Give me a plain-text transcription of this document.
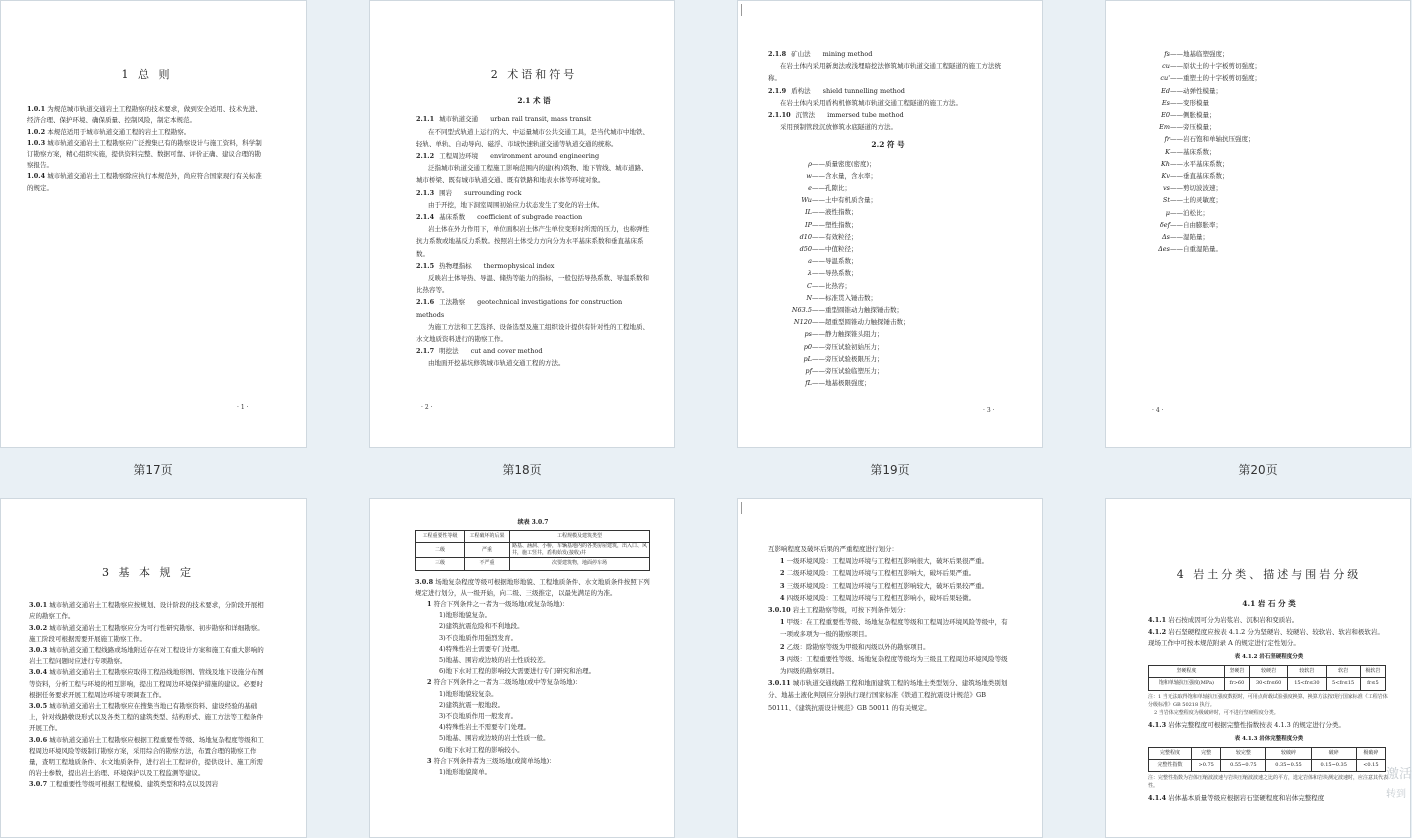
1 总 则

1.0.1 为规范城市轨道交通岩土工程勘察的技术要求，做到安全适用、技术先进、经济合理、保护环境、确保质量、控制风险，制定本规范。

1.0.2 本规范适用于城市轨道交通工程的岩土工程勘察。

1.0.3 城市轨道交通岩土工程勘察应广泛搜集已有的勘察设计与施工资料，科学制订勘察方案，精心组织实施，提供资料完整、数据可靠、评价正确、建议合理的勘察报告。

1.0.4 城市轨道交通岩土工程勘察除应执行本规范外，尚应符合国家现行有关标准的规定。

· 1 ·
第17页
2 术语和符号
2.1 术 语

2.1.1 城市轨道交通 urban rail transit, mass transit

在不同型式轨道上运行的大、中运量城市公共交通工具，是当代城市中地铁、轻轨、单轨、自动导向、磁浮、市域快速轨道交通等轨道交通的统称。

2.1.2 工程周边环境 environment around engineering

泛指城市轨道交通工程施工影响范围内的建(构)筑物、地下管线、城市道路、城市桥梁、既有城市轨道交通、既有铁路和地表水体等环境对象。

2.1.3 围岩 surrounding rock

由于开挖，地下洞室周围初始应力状态发生了变化的岩土体。

2.1.4 基床系数 coefficient of subgrade reaction

岩土体在外力作用下，单位面积岩土体产生单位变形时所需的压力，也称弹性抗力系数或地基反力系数。按照岩土体受力方向分为水平基床系数和垂直基床系数。

2.1.5 热物理指标 thermophysical index

反映岩土体导热、导温、储热等能力的指标，一般包括导热系数、导温系数和比热容等。

2.1.6 工法勘察 geotechnical investigations for construction methods

为施工方法和工艺选择、设备选型及施工组织设计提供有针对性的工程地质、水文地质资料进行的勘察工作。

2.1.7 明挖法 cut and cover method

由地面开挖基坑修筑城市轨道交通工程的方法。

· 2 ·
第18页

2.1.8 矿山法 mining method

在岩土体内采用新奥法或浅埋暗挖法修筑城市轨道交通工程隧道的施工方法统称。

2.1.9 盾构法 shield tunnelling method

在岩土体内采用盾构机修筑城市轨道交通工程隧道的施工方法。

2.1.10 沉管法 immersed tube method

采用预制管段沉放修筑水底隧道的方法。

2.2 符 号
ρ——质量密度(密度)；
w——含水量，含水率；
e——孔隙比；
Wu——土中有机质含量；
IL——液性指数；
IP——塑性指数；
d10——有效粒径；
d50——中值粒径；
a——导温系数；
λ——导热系数；
C——比热容；
N——标准贯入锤击数；
N63.5——重型圆锥动力触探锤击数；
N120——超重型圆锥动力触探锤击数；
ps——静力触探锥头阻力；
p0——旁压试验初始压力；
pL——旁压试验极限压力；
pf——旁压试验临塑压力；
fL——地基极限强度；
· 3 ·
第19页
fs——地基临塑强度；
cu——原状土的十字板剪切强度；
cu'——重塑土的十字板剪切强度；
Ed——动弹性模量；
Es——变形模量
E0——侧胀模量；
Em——旁压模量；
fr——岩石饱和单轴抗压强度；
K——基床系数；
Kh——水平基床系数；
Kv——垂直基床系数；
vs——剪切波波速；
St——土的灵敏度；
μ——泊松比；
δef——自由膨胀率；
Δs——湿陷量；
Δes——自重湿陷量。
· 4 ·
第20页
3 基 本 规 定

3.0.1 城市轨道交通岩土工程勘察应按规划、设计阶段的技术要求，分阶段开展相应的勘察工作。

3.0.2 城市轨道交通岩土工程勘察应分为可行性研究勘察、初步勘察和详细勘察。施工阶段可根据需要开展施工勘察工作。

3.0.3 城市轨道交通工程线路或场地附近存在对工程设计方案和施工有重大影响的岩土工程问题时应进行专项勘察。

3.0.4 城市轨道交通岩土工程勘察应取得工程沿线地形图、管线及地下设施分布图等资料，分析工程与环境的相互影响，提出工程周边环境保护措施的建议。必要时根据任务要求开展工程周边环境专项调查工作。

3.0.5 城市轨道交通岩土工程勘察应在搜集当地已有勘察资料、建设经验的基础上，针对线路敷设形式以及各类工程的建筑类型、结构形式、施工方法等工程条件开展工作。

3.0.6 城市轨道交通岩土工程勘察应根据工程重要性等级、场地复杂程度等级和工程周边环境风险等级制订勘察方案，采用综合的勘察方法，布置合理的勘察工作量，查明工程地质条件、水文地质条件，进行岩土工程评价，提供设计、施工所需的岩土参数，提出岩土治理、环境保护以及工程监测等建议。

3.0.7 工程重要性等级可根据工程规模、建筑类型和特点以及因岩

续表 3.0.7
工程重要性等级	工程破坏的后果	工程规模及建筑类型
二级	严重	路基、涵洞、小桥，车辆基地内的各类房屋建筑，出入口、风井，施工竖井，盾构始发(接收)井
三级	不严重	次要建筑物，地面停车场

3.0.8 场地复杂程度等级可根据地形地貌、工程地质条件、水文地质条件按照下列规定进行划分，从一级开始，向二级、三级推定，以最先满足的为准。

1 符合下列条件之一者为一级场地(或复杂场地)：

1)地形地貌复杂。

2)建筑抗震危险和不利地段。

3)不良地质作用强烈发育。

4)特殊性岩土需要专门处理。

5)地基、围岩或边坡的岩土性质较差。

6)地下水对工程的影响较大需要进行专门研究和治理。

2 符合下列条件之一者为二级场地(或中等复杂场地)：

1)地形地貌较复杂。

2)建筑抗震一般地段。

3)不良地质作用一般发育。

4)特殊性岩土不需要专门处理。

5)地基、围岩或边坡的岩土性质一般。

6)地下水对工程的影响较小。

3 符合下列条件者为三级场地(或简单场地)：

1)地形地貌简单。

互影响程度及破坏后果的严重程度进行划分：

1 一级环境风险：工程周边环境与工程相互影响很大，破坏后果很严重。

2 二级环境风险：工程周边环境与工程相互影响大，破坏后果严重。

3 三级环境风险：工程周边环境与工程相互影响较大，破坏后果较严重。

4 四级环境风险：工程周边环境与工程相互影响小，破坏后果轻微。

3.0.10 岩土工程勘察等级，可按下列条件划分：

1 甲级：在工程重要性等级、场地复杂程度等级和工程周边环境风险等级中，有一项或多项为一级的勘察项目。

2 乙级：除勘察等级为甲级和丙级以外的勘察项目。

3 丙级：工程重要性等级、场地复杂程度等级均为三级且工程周边环境风险等级为四级的勘察项目。

3.0.11 城市轨道交通线路工程和地面建筑工程的场地土类型划分、建筑场地类别划分、地基土液化判别应分别执行现行国家标准《铁道工程抗震设计规范》GB 50111、《建筑抗震设计规范》GB 50011 的有关规定。

4 岩土分类、描述与围岩分级
4.1 岩 石 分 类

4.1.1 岩石按成因可分为岩浆岩、沉积岩和变质岩。

4.1.2 岩石坚硬程度应按表 4.1.2 分为坚硬岩、较硬岩、较软岩、软岩和极软岩。现场工作中可按本规范附录 A 的规定进行定性划分。

表 4.1.2 岩石坚硬程度分类
坚硬程度	坚硬岩	较硬岩	较软岩	软岩	极软岩
饱和单轴抗压强度(MPa)	fr>60	30<fr≤60	15<fr≤30	5<fr≤15	fr≤5
注：1 当无法取得饱和单轴抗压强度数据时，可用点荷载试验强度换算，换算方法按现行国家标准《工程岩体分级标准》GB 50218 执行。
2 当岩体完整程度为极破碎时，可不进行坚硬程度分类。

4.1.3 岩体完整程度可根据完整性指数按表 4.1.3 的规定进行分类。

表 4.1.3 岩体完整程度分类
完整程度	完整	较完整	较破碎	破碎	极破碎
完整性指数	>0.75	0.55~0.75	0.35~0.55	0.15~0.35	<0.15
注：完整性指数为岩体压缩波波速与岩块压缩波波速之比的平方，选定岩体和岩块测定波速时，应注意其代表性。

4.1.4 岩体基本质量等级应根据岩石坚硬程度和岩体完整程度

激活
转到
